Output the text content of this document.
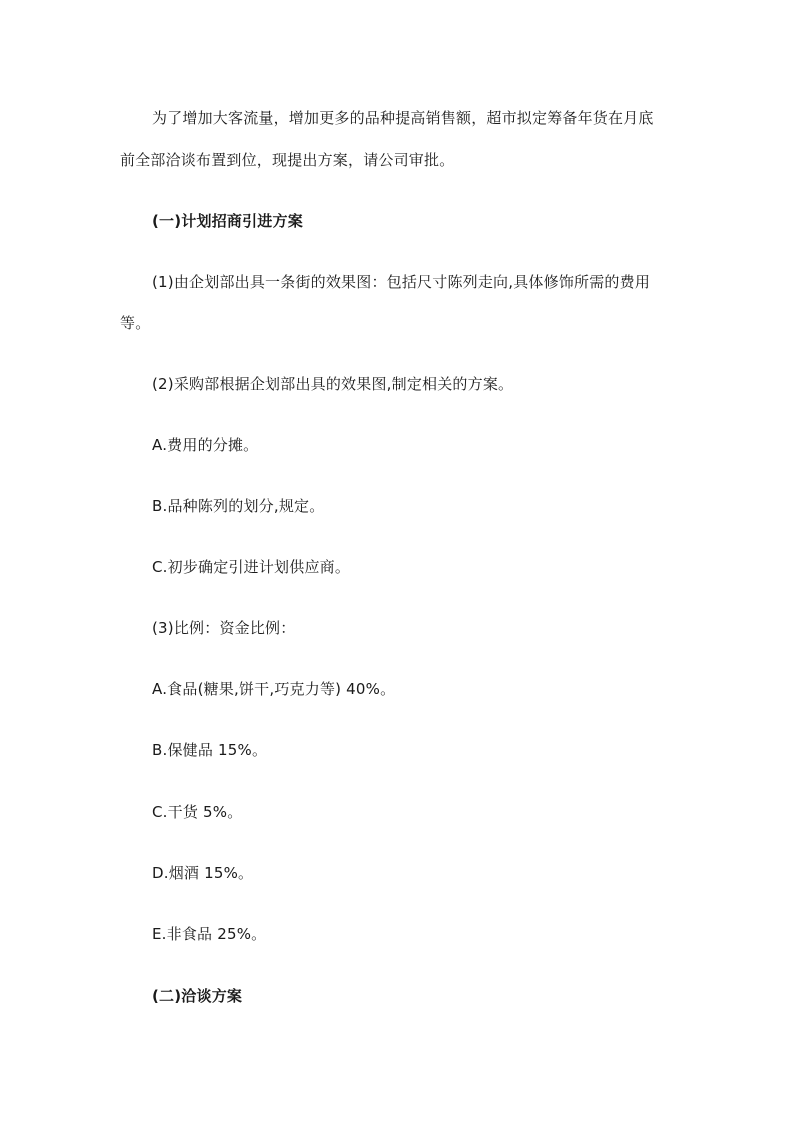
为了增加大客流量，增加更多的品种提高销售额，超市拟定筹备年货在月底
前全部洽谈布置到位，现提出方案，请公司审批。
(一)计划招商引进方案
(1)由企划部出具一条街的效果图：包括尺寸陈列走向,具体修饰所需的费用
等。
(2)采购部根据企划部出具的效果图,制定相关的方案。
A.费用的分摊。
B.品种陈列的划分,规定。
C.初步确定引进计划供应商。
(3)比例：资金比例：
A.食品(糖果,饼干,巧克力等) 40%。
B.保健品 15%。
C.干货 5%。
D.烟酒 15%。
E.非食品 25%。
(二)洽谈方案
